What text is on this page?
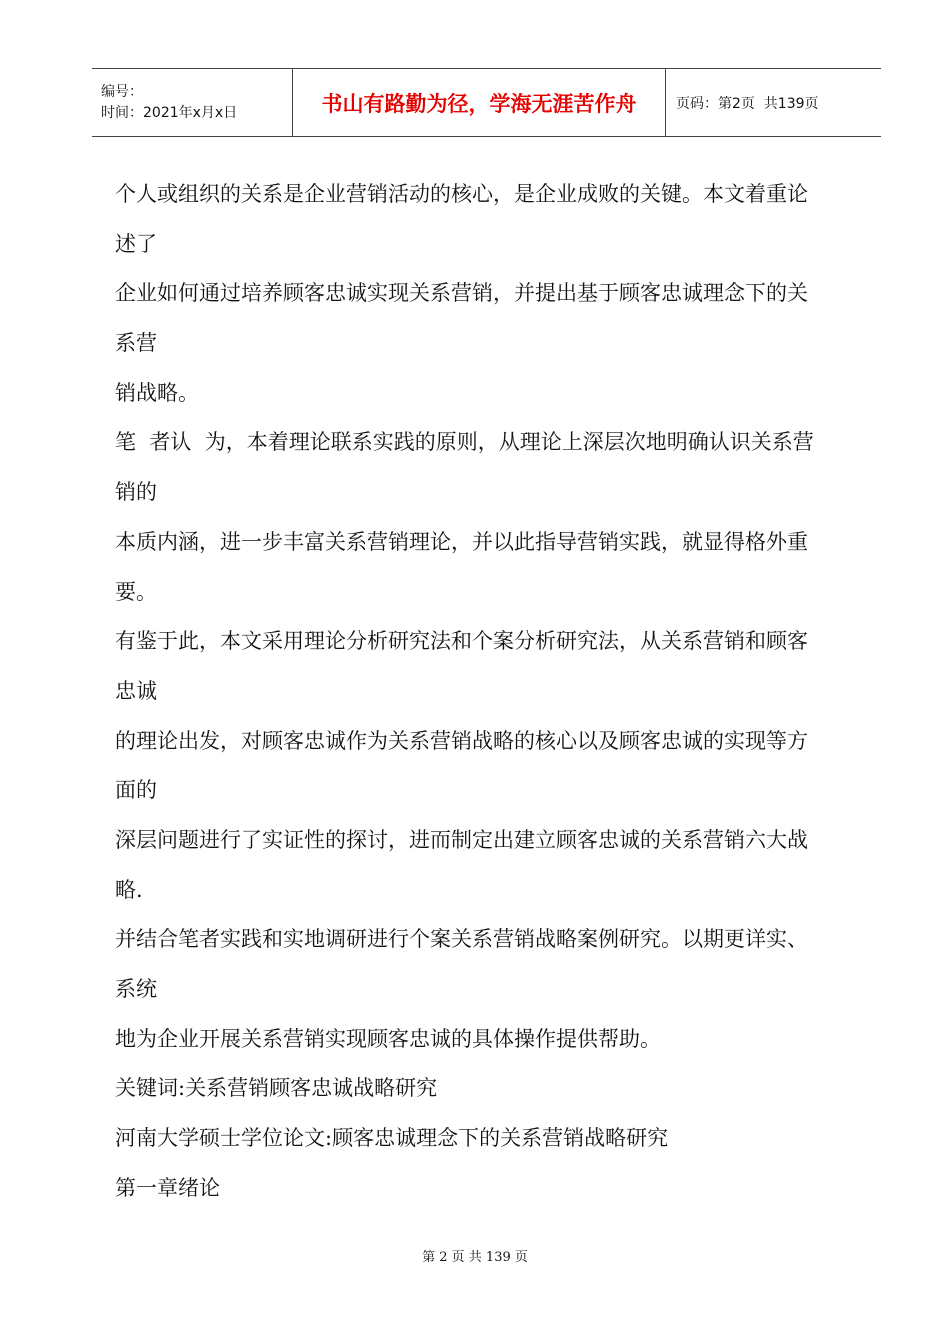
编号：
时间：2021年x月x日	书山有路勤为径，学海无涯苦作舟	页码：第2页  共139页
个人或组织的关系是企业营销活动的核心，是企业成败的关键。本文着重论
述了
企业如何通过培养顾客忠诚实现关系营销，并提出基于顾客忠诚理念下的关
系营
销战略。
笔  者认  为，本着理论联系实践的原则，从理论上深层次地明确认识关系营
销的
本质内涵，进一步丰富关系营销理论，并以此指导营销实践，就显得格外重
要。
有鉴于此，本文采用理论分析研究法和个案分析研究法，从关系营销和顾客
忠诚
的理论出发，对顾客忠诚作为关系营销战略的核心以及顾客忠诚的实现等方
面的
深层问题进行了实证性的探讨，进而制定出建立顾客忠诚的关系营销六大战
略.
并结合笔者实践和实地调研进行个案关系营销战略案例研究。以期更详实、
系统
地为企业开展关系营销实现顾客忠诚的具体操作提供帮助。
关键词:关系营销顾客忠诚战略研究
河南大学硕士学位论文:顾客忠诚理念下的关系营销战略研究
第一章绪论
第 2 页 共 139 页
